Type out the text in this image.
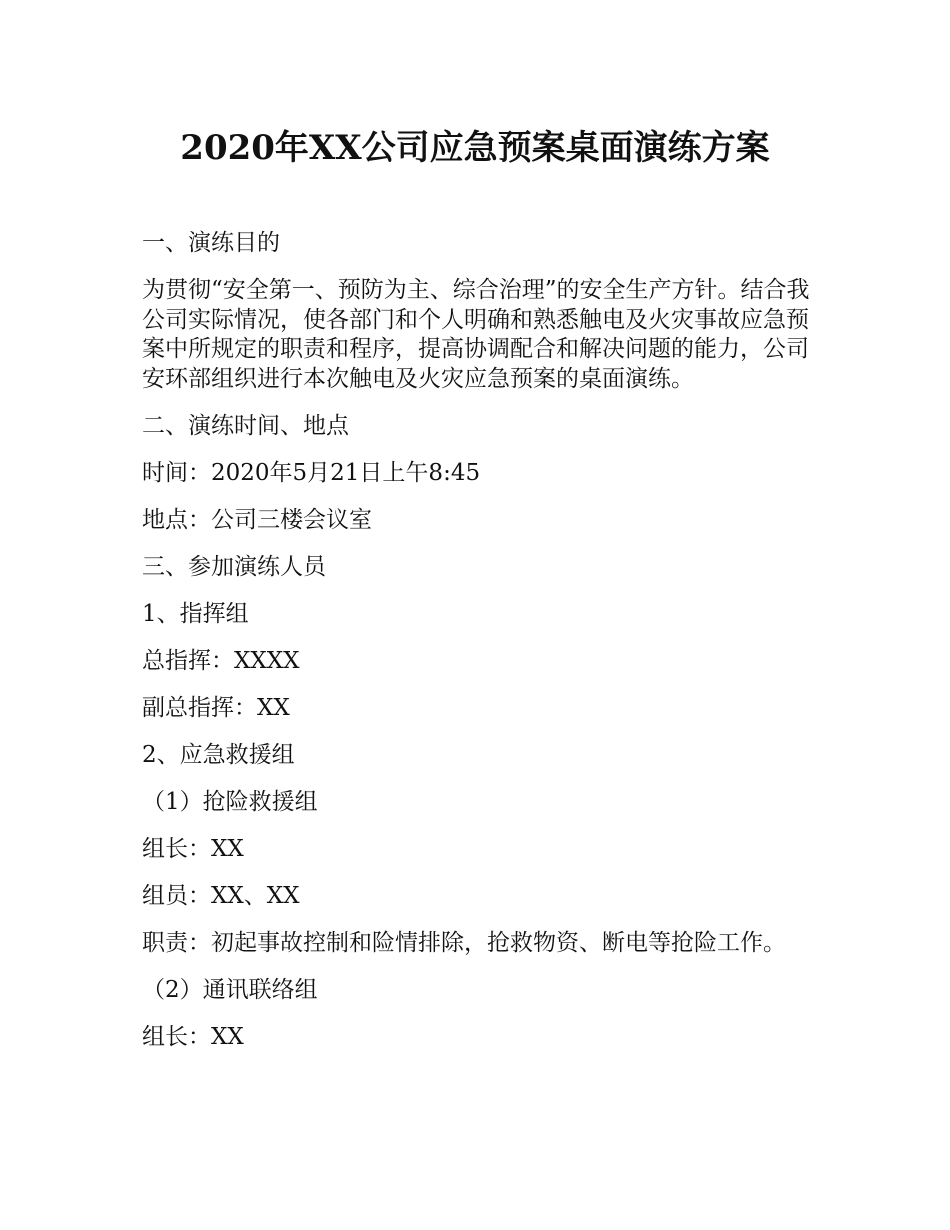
2020年XX公司应急预案桌面演练方案

一、演练目的

为贯彻“安全第一、预防为主、综合治理”的安全生产方针。结合我公司实际情况，使各部门和个人明确和熟悉触电及火灾事故应急预案中所规定的职责和程序，提高协调配合和解决问题的能力，公司安环部组织进行本次触电及火灾应急预案的桌面演练。

二、演练时间、地点

时间：2020年5月21日上午8:45

地点：公司三楼会议室

三、参加演练人员

1、指挥组

总指挥：XXXX

副总指挥：XX

2、应急救援组

（1）抢险救援组

组长：XX

组员：XX、XX

职责：初起事故控制和险情排除，抢救物资、断电等抢险工作。

（2）通讯联络组

组长：XX
